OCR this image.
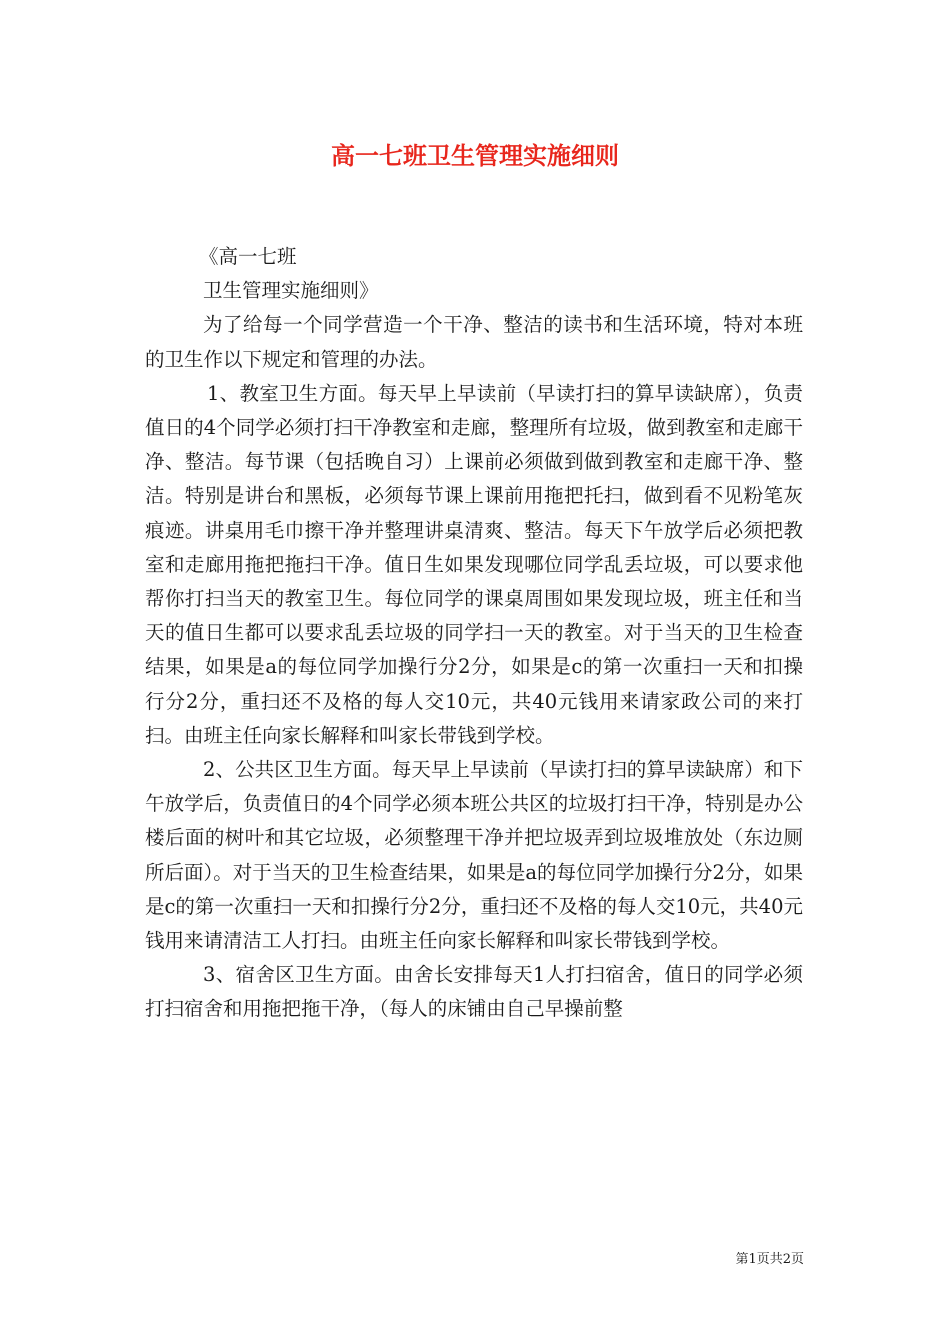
高一七班卫生管理实施细则

《高一七班

卫生管理实施细则》

为了给每一个同学营造一个干净、整洁的读书和生活环境，特对本班的卫生作以下规定和管理的办法。

1、教室卫生方面。每天早上早读前（早读打扫的算早读缺席），负责值日的4个同学必须打扫干净教室和走廊，整理所有垃圾，做到教室和走廊干净、整洁。每节课（包括晚自习）上课前必须做到做到教室和走廊干净、整洁。特别是讲台和黑板，必须每节课上课前用拖把托扫，做到看不见粉笔灰痕迹。讲桌用毛巾擦干净并整理讲桌清爽、整洁。每天下午放学后必须把教室和走廊用拖把拖扫干净。值日生如果发现哪位同学乱丢垃圾，可以要求他帮你打扫当天的教室卫生。每位同学的课桌周围如果发现垃圾，班主任和当天的值日生都可以要求乱丢垃圾的同学扫一天的教室。对于当天的卫生检查结果，如果是a的每位同学加操行分2分，如果是c的第一次重扫一天和扣操行分2分，重扫还不及格的每人交10元，共40元钱用来请家政公司的来打扫。由班主任向家长解释和叫家长带钱到学校。

2、公共区卫生方面。每天早上早读前（早读打扫的算早读缺席）和下午放学后，负责值日的4个同学必须本班公共区的垃圾打扫干净，特别是办公楼后面的树叶和其它垃圾，必须整理干净并把垃圾弄到垃圾堆放处（东边厕所后面）。对于当天的卫生检查结果，如果是a的每位同学加操行分2分，如果是c的第一次重扫一天和扣操行分2分，重扫还不及格的每人交10元，共40元钱用来请清洁工人打扫。由班主任向家长解释和叫家长带钱到学校。

3、宿舍区卫生方面。由舍长安排每天1人打扫宿舍，值日的同学必须打扫宿舍和用拖把拖干净，（每人的床铺由自己早操前整

第1页共2页
